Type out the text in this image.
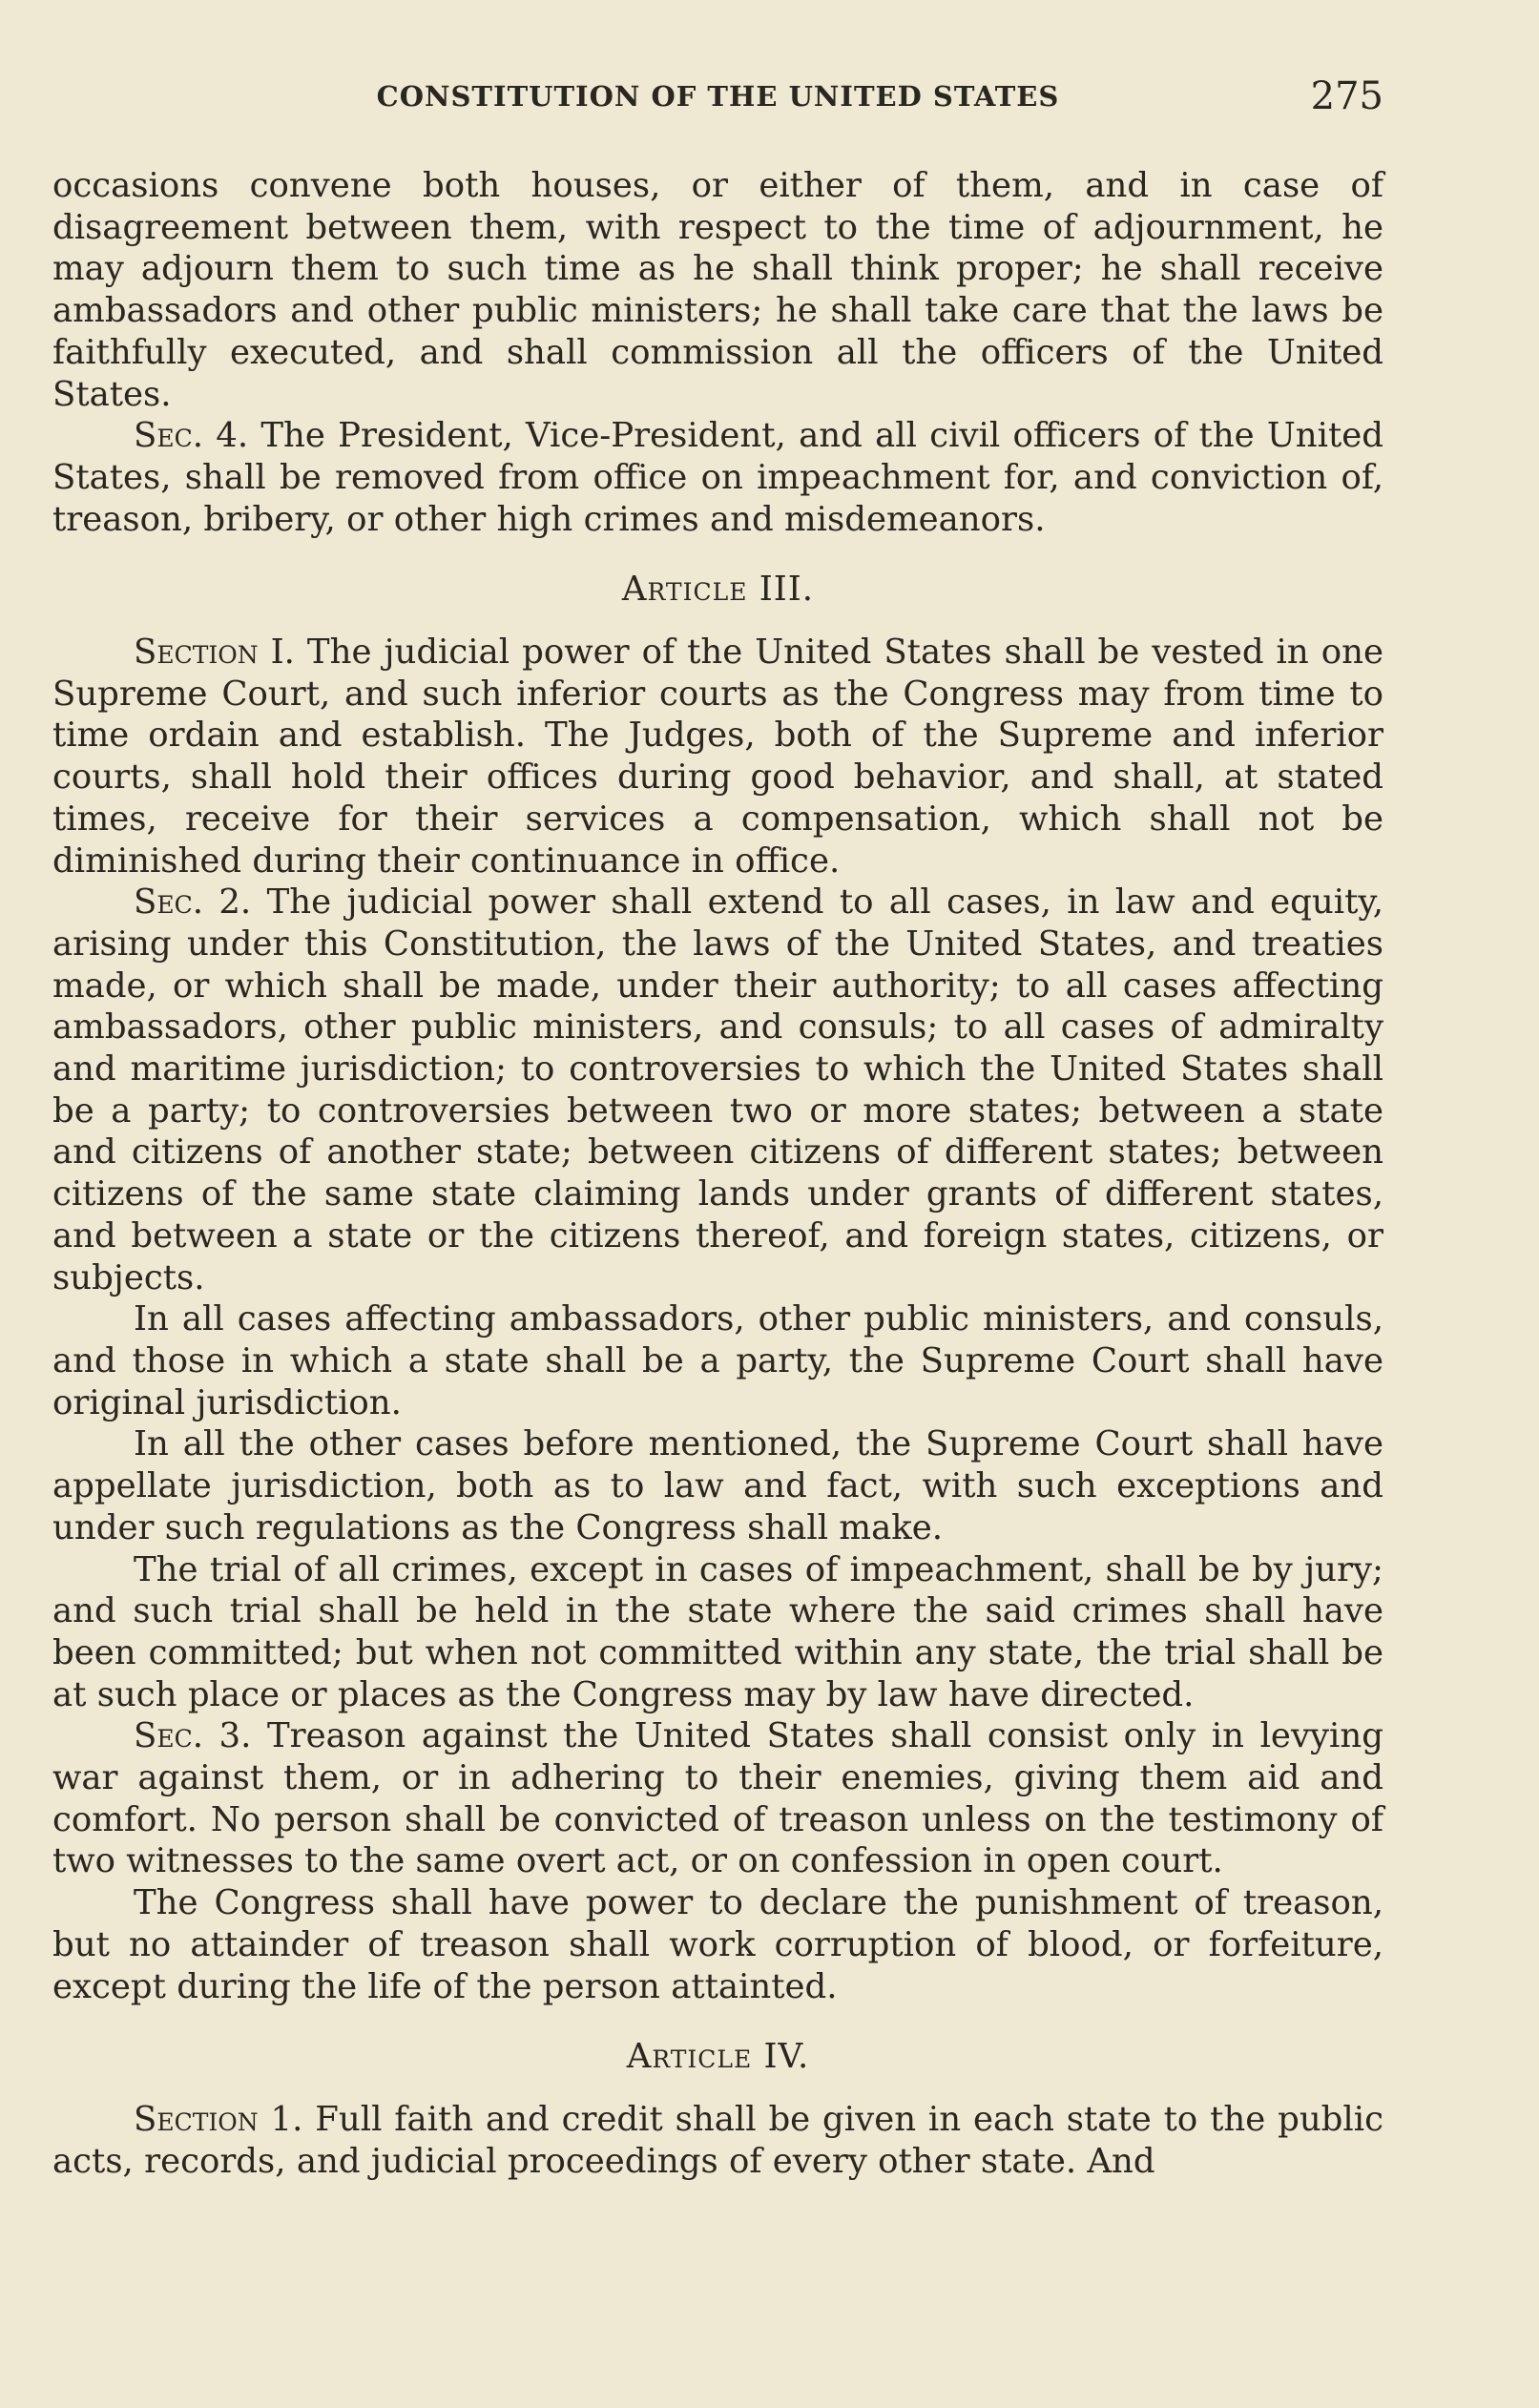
CONSTITUTION OF THE UNITED STATES	275

occasions convene both houses, or either of them, and in case of disagreement between them, with respect to the time of adjournment, he may adjourn them to such time as he shall think proper; he shall receive ambassadors and other public ministers; he shall take care that the laws be faithfully executed, and shall commission all the officers of the United States.

Sec. 4. The President, Vice-President, and all civil officers of the United States, shall be removed from office on impeachment for, and conviction of, treason, bribery, or other high crimes and misdemeanors.

Article III.

Section I. The judicial power of the United States shall be vested in one Supreme Court, and such inferior courts as the Congress may from time to time ordain and establish. The Judges, both of the Supreme and inferior courts, shall hold their offices during good behavior, and shall, at stated times, receive for their services a compensation, which shall not be diminished during their continuance in office.

Sec. 2. The judicial power shall extend to all cases, in law and equity, arising under this Constitution, the laws of the United States, and treaties made, or which shall be made, under their authority; to all cases affecting ambassadors, other public ministers, and consuls; to all cases of admiralty and maritime jurisdiction; to controversies to which the United States shall be a party; to controversies between two or more states; between a state and citizens of another state; between citizens of different states; between citizens of the same state claiming lands under grants of different states, and between a state or the citizens thereof, and foreign states, citizens, or subjects.

In all cases affecting ambassadors, other public ministers, and consuls, and those in which a state shall be a party, the Supreme Court shall have original jurisdiction.

In all the other cases before mentioned, the Supreme Court shall have appellate jurisdiction, both as to law and fact, with such exceptions and under such regulations as the Congress shall make.

The trial of all crimes, except in cases of impeachment, shall be by jury; and such trial shall be held in the state where the said crimes shall have been committed; but when not committed within any state, the trial shall be at such place or places as the Congress may by law have directed.

Sec. 3. Treason against the United States shall consist only in levying war against them, or in adhering to their enemies, giving them aid and comfort. No person shall be convicted of treason unless on the testimony of two witnesses to the same overt act, or on confession in open court.

The Congress shall have power to declare the punishment of treason, but no attainder of treason shall work corruption of blood, or forfeiture, except during the life of the person attainted.

Article IV.

Section 1. Full faith and credit shall be given in each state to the public acts, records, and judicial proceedings of every other state. And
